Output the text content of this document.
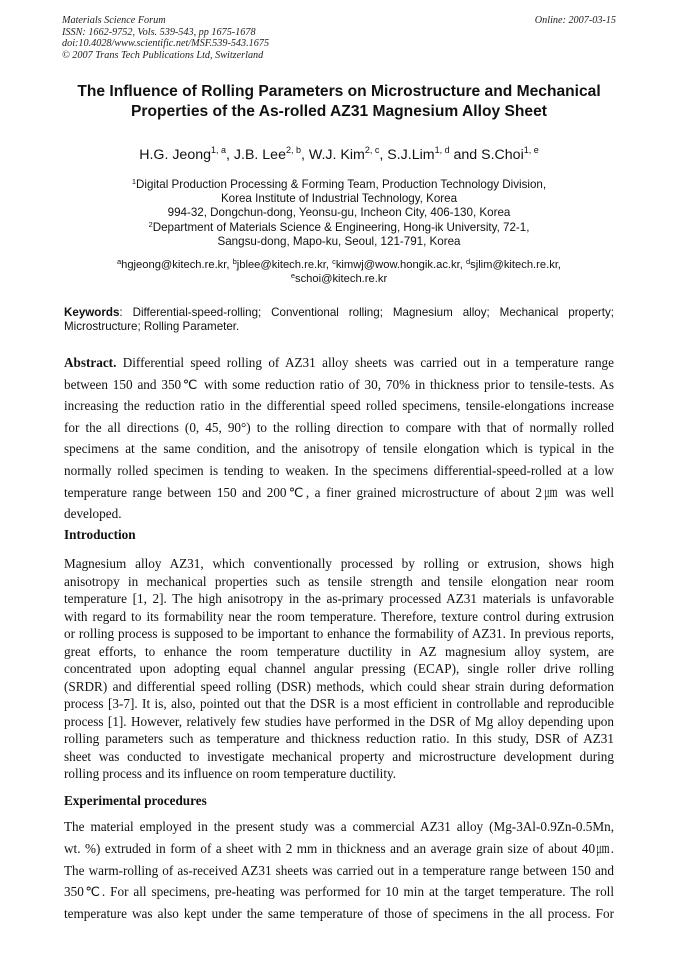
Materials Science Forum
ISSN: 1662-9752, Vols. 539-543, pp 1675-1678
doi:10.4028/www.scientific.net/MSF.539-543.1675
© 2007 Trans Tech Publications Ltd, Switzerland
Online: 2007-03-15
The Influence of Rolling Parameters on Microstructure and Mechanical
Properties of the As-rolled AZ31 Magnesium Alloy Sheet
H.G. Jeong$^{1, a}$, J.B. Lee$^{2, b}$, W.J. Kim$^{2, c}$, S.J.Lim$^{1, d}$ and S.Choi$^{1, e}$
$^1$Digital Production Processing & Forming Team, Production Technology Division,
Korea Institute of Industrial Technology, Korea
994-32, Dongchun-dong, Yeonsu-gu, Incheon City, 406-130, Korea
$^2$Department of Materials Science & Engineering, Hong-ik University, 72-1,
Sangsu-dong, Mapo-ku, Seoul, 121-791, Korea
$^a$hgjeong@kitech.re.kr, $^b$jblee@kitech.re.kr, $^c$kimwj@wow.hongik.ac.kr, $^d$sjlim@kitech.re.kr,
$^e$schoi@kitech.re.kr
Keywords: Differential-speed-rolling; Conventional rolling; Magnesium alloy; Mechanical property; Microstructure; Rolling Parameter.
Abstract. Differential speed rolling of AZ31 alloy sheets was carried out in a temperature range
between 150 and 350℃ with some reduction ratio of 30, 70% in thickness prior to tensile-tests. As
increasing the reduction ratio in the differential speed rolled specimens, tensile-elongations increase
for the all directions (0, 45, 90°) to the rolling direction to compare with that of normally rolled
specimens at the same condition, and the anisotropy of tensile elongation which is typical in the
normally rolled specimen is tending to weaken. In the specimens differential-speed-rolled at a low
temperature range between 150 and 200℃, a finer grained microstructure of about 2㎛ was well
developed.
Introduction
Magnesium alloy AZ31, which conventionally processed by rolling or extrusion, shows high
anisotropy in mechanical properties such as tensile strength and tensile elongation near room
temperature [1, 2]. The high anisotropy in the as-primary processed AZ31 materials is unfavorable
with regard to its formability near the room temperature. Therefore, texture control during extrusion
or rolling process is supposed to be important to enhance the formability of AZ31. In previous reports,
great efforts, to enhance the room temperature ductility in AZ magnesium alloy system, are
concentrated upon adopting equal channel angular pressing (ECAP), single roller drive rolling
(SRDR) and differential speed rolling (DSR) methods, which could shear strain during deformation
process [3-7]. It is, also, pointed out that the DSR is a most efficient in controllable and reproducible
process [1]. However, relatively few studies have performed in the DSR of Mg alloy depending upon
rolling parameters such as temperature and thickness reduction ratio. In this study, DSR of AZ31
sheet was conducted to investigate mechanical property and microstructure development during
rolling process and its influence on room temperature ductility.
Experimental procedures
The material employed in the present study was a commercial AZ31 alloy (Mg-3Al-0.9Zn-0.5Mn,
wt. %) extruded in form of a sheet with 2 mm in thickness and an average grain size of about 40㎛.
The warm-rolling of as-received AZ31 sheets was carried out in a temperature range between 150 and
350℃. For all specimens, pre-heating was performed for 10 min at the target temperature. The roll
temperature was also kept under the same temperature of those of specimens in the all process. For
